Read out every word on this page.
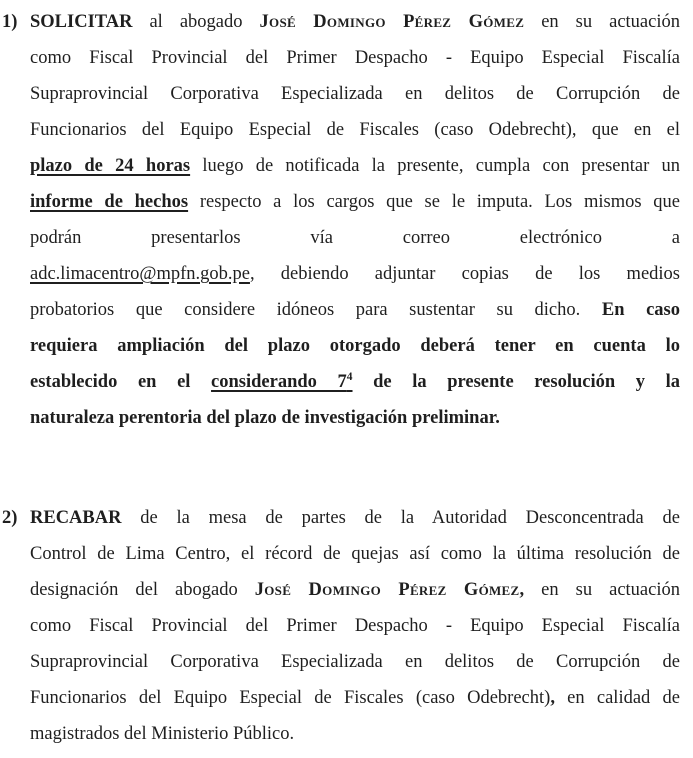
1) SOLICITAR al abogado José Domingo Pérez Gómez en su actuación
como Fiscal Provincial del Primer Despacho - Equipo Especial Fiscalía
Supraprovincial Corporativa Especializada en delitos de Corrupción de
Funcionarios del Equipo Especial de Fiscales (caso Odebrecht), que en el
plazo de 24 horas luego de notificada la presente, cumpla con presentar un
informe de hechos respecto a los cargos que se le imputa. Los mismos que
podrán presentarlos vía correo electrónico a
adc.limacentro@mpfn.gob.pe, debiendo adjuntar copias de los medios
probatorios que considere idóneos para sustentar su dicho. En caso
requiera ampliación del plazo otorgado deberá tener en cuenta lo
establecido en el considerando $7^4$ de la presente resolución y la
naturaleza perentoria del plazo de investigación preliminar.
2) RECABAR de la mesa de partes de la Autoridad Desconcentrada de
Control de Lima Centro, el récord de quejas así como la última resolución de
designación del abogado José Domingo Pérez Gómez, en su actuación
como Fiscal Provincial del Primer Despacho - Equipo Especial Fiscalía
Supraprovincial Corporativa Especializada en delitos de Corrupción de
Funcionarios del Equipo Especial de Fiscales (caso Odebrecht), en calidad de
magistrados del Ministerio Público.
